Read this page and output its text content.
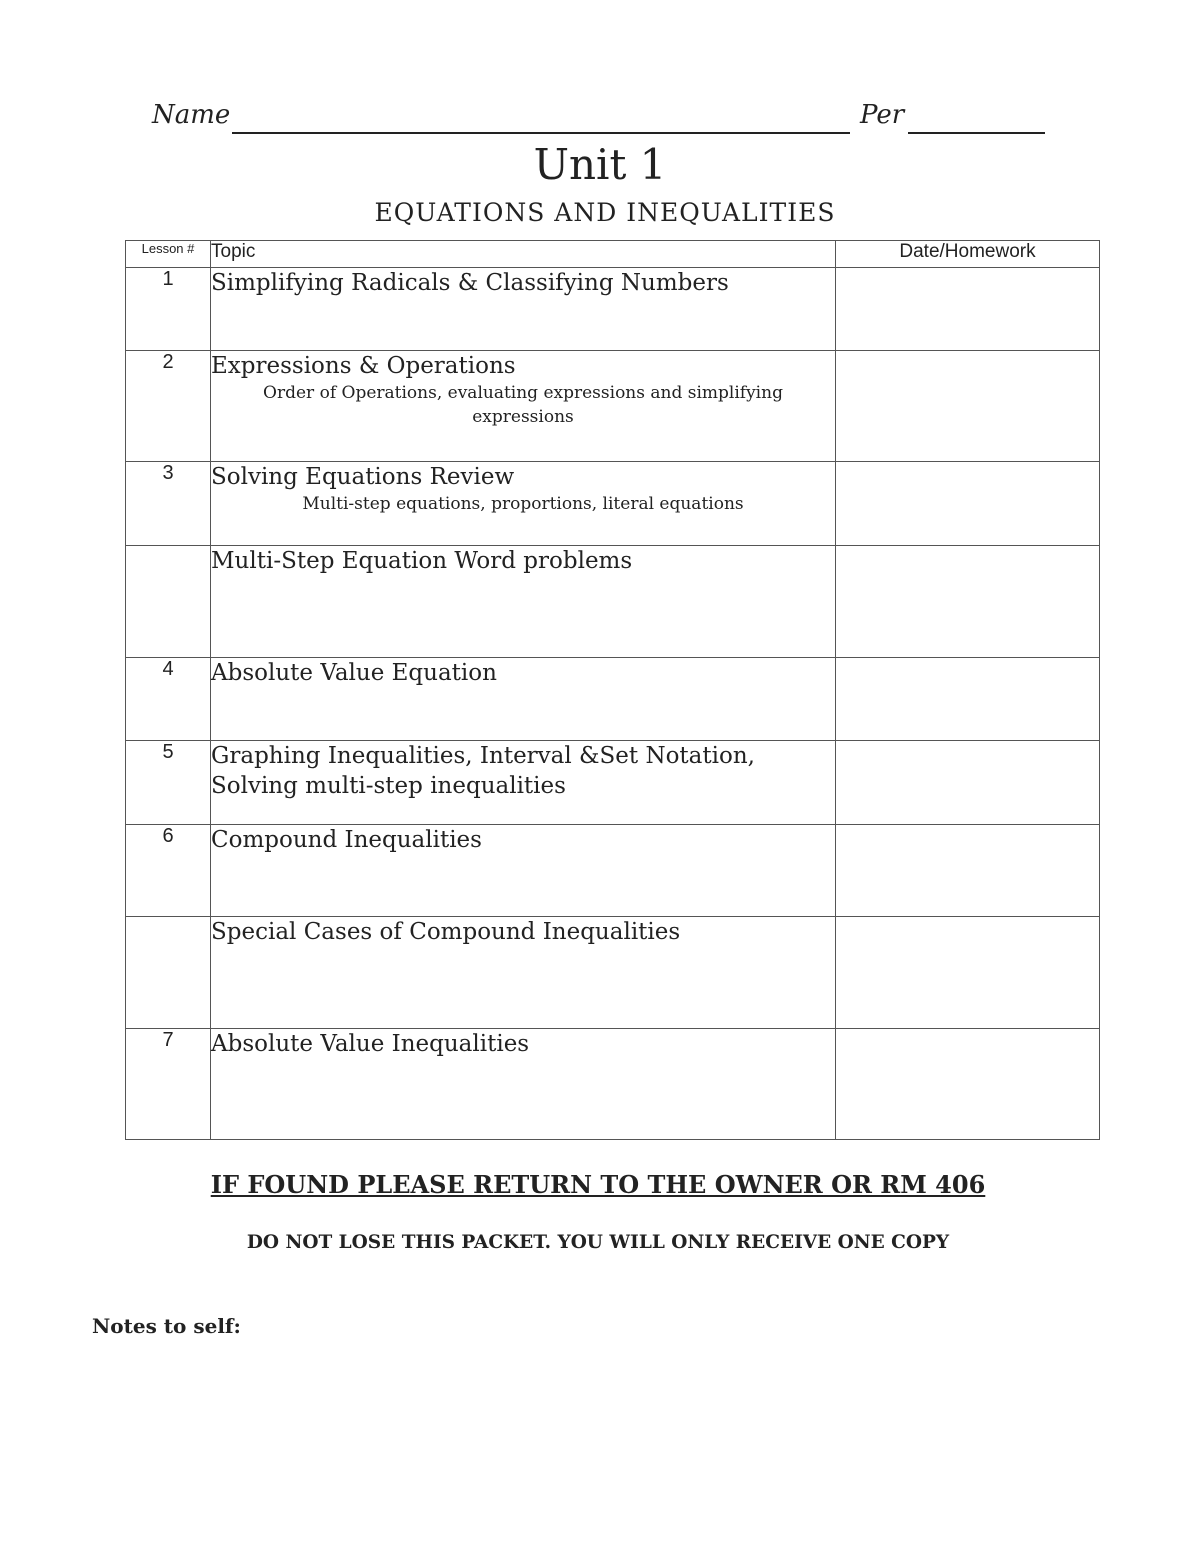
Name	Per
Unit 1
EQUATIONS AND INEQUALITIES
Lesson #	Topic	Date/Homework
1	Simplifying Radicals & Classifying Numbers	

2	Expressions & Operations
Order of Operations, evaluating expressions and simplifying expressions	

3	Solving Equations Review
Multi-step equations, proportions, literal equations	

	Multi-Step Equation Word problems	

4	Absolute Value Equation	

5	Graphing Inequalities, Interval &Set Notation, Solving multi-step inequalities	

6	Compound Inequalities	

	Special Cases of Compound Inequalities	

7	Absolute Value Inequalities	

IF FOUND PLEASE RETURN TO THE OWNER OR RM 406
DO NOT LOSE THIS PACKET. YOU WILL ONLY RECEIVE ONE COPY
Notes to self:
